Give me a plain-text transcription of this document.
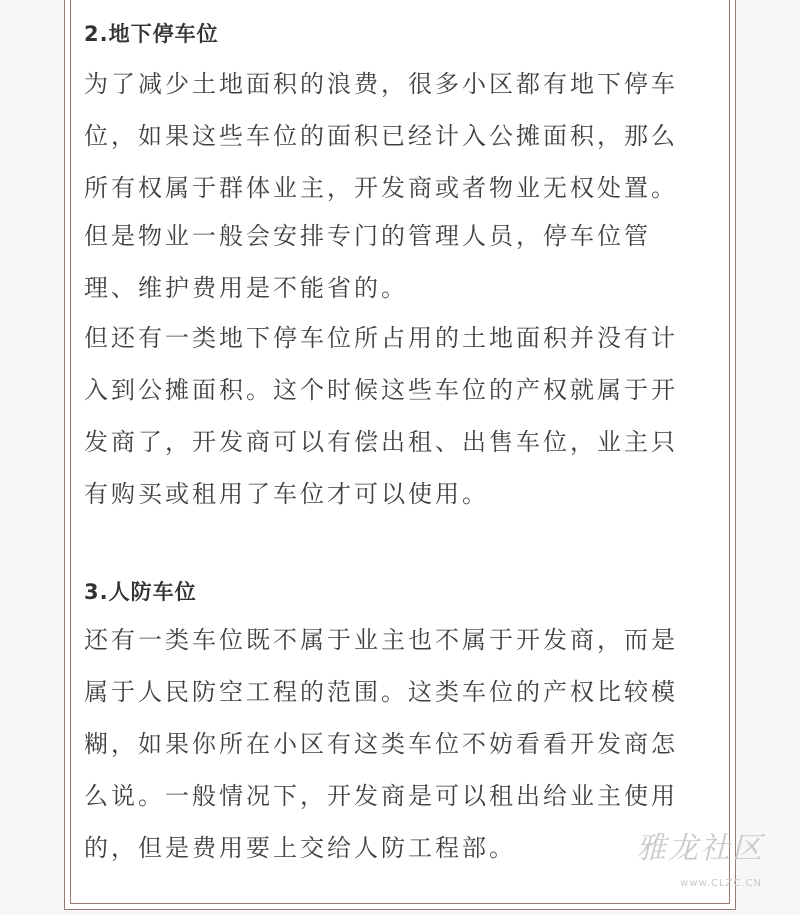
2.地下停车位
为了减少土地面积的浪费，很多小区都有地下停车
位，如果这些车位的面积已经计入公摊面积，那么
所有权属于群体业主，开发商或者物业无权处置。
但是物业一般会安排专门的管理人员，停车位管
理、维护费用是不能省的。
但还有一类地下停车位所占用的土地面积并没有计
入到公摊面积。这个时候这些车位的产权就属于开
发商了，开发商可以有偿出租、出售车位，业主只
有购买或租用了车位才可以使用。
3.人防车位
还有一类车位既不属于业主也不属于开发商，而是
属于人民防空工程的范围。这类车位的产权比较模
糊，如果你所在小区有这类车位不妨看看开发商怎
么说。一般情况下，开发商是可以租出给业主使用
的，但是费用要上交给人防工程部。	雅龙社区
www.CLZC.CN
